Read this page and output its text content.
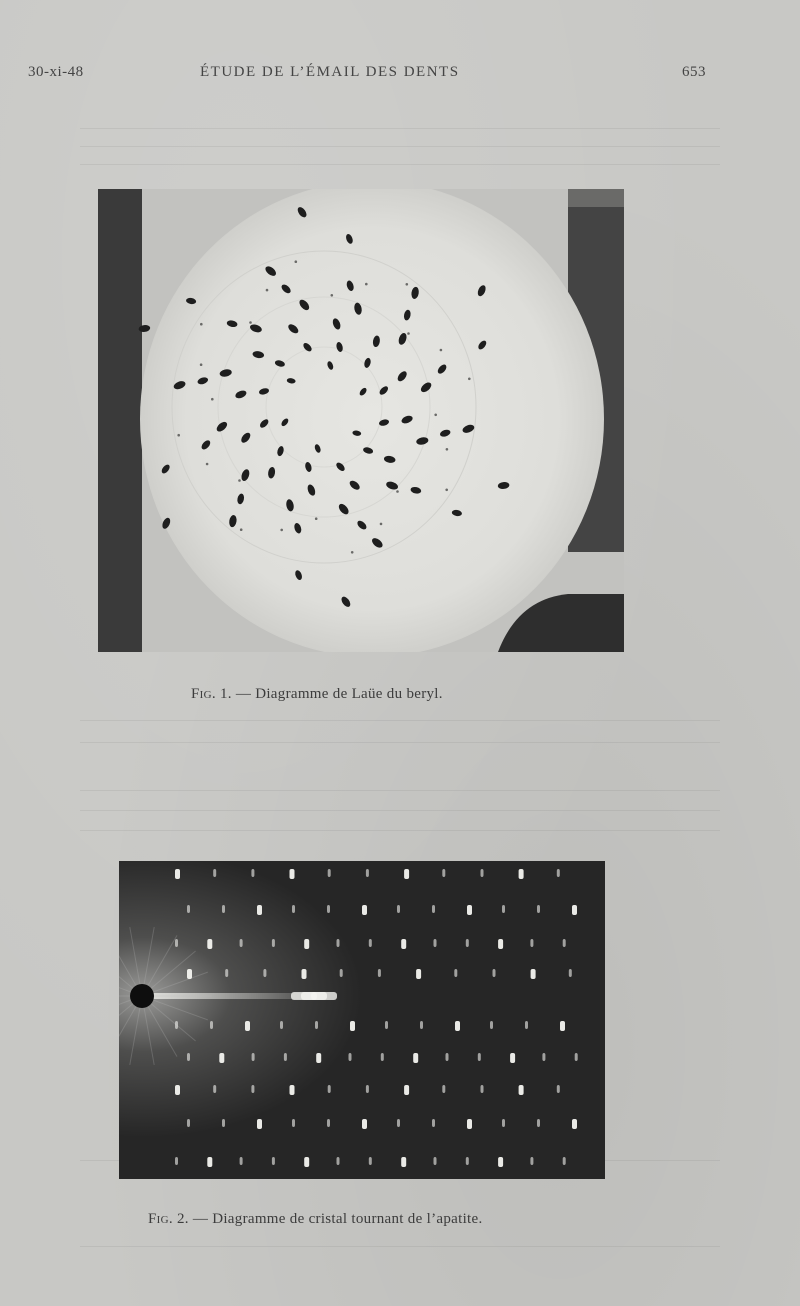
30-xi-48	ÉTUDE DE L’ÉMAIL DES DENTS	653
Fig. 1. — Diagramme de Laüe du beryl.
Fig. 2. — Diagramme de cristal tournant de l’apatite.
